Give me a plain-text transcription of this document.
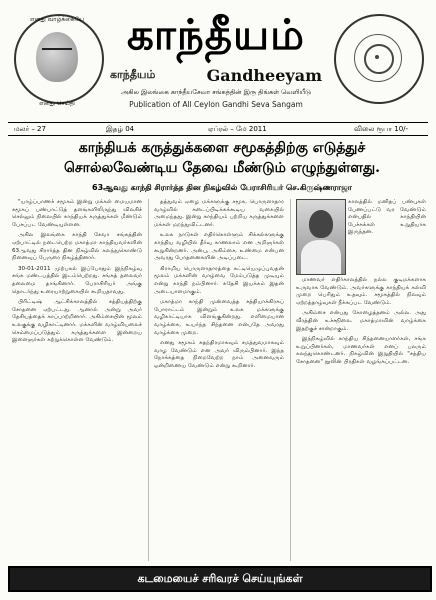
எனது வாழ்க்கையே
எனது செய்தி
காந்தீயம்
காந்தீயம்	Gandheeyam
அகில இலங்கை காந்தீயசேவா சங்கத்தின் இரு திங்கள் வெளியீடு
Publication of All Ceylon Gandhi Seva Sangam
மலர் – 27	இதழ் 04	ஏப்ரல் – மே 2011	விலை ரூபா 10/-
காந்தியக் கருத்துக்களை சமூகத்திற்கு எடுத்துச்
சொல்லவேண்டிய தேவை மீண்டும் எழுந்துள்ளது.
63ஆவது காந்தி சிரார்த்த தின நிகழ்வில் பேராசிரியர் செ.கிருஷ்ணராஜா

"யாழ்ப்பாணச் சமூகம் இன்று மக்கள் மையமான சமூகப் பண்பாட்டுத் தளங்களிலிருந்து விலகிச் செல்லும் நிலையில் காந்தியக் கருத்துக்கள் மீண்டும் பேசப்பட வேண்டியுள்ளன.

அகில இலங்கை காந்தி சேவா சங்கத்தின் ஏற்பாட்டில் நடைபெற்ற மகாத்மா காந்தியவர்களின் 63ஆவது சிரார்த்த தின நிகழ்வில் கலந்துகொண்டு நினைவுப் பேருரை நிகழ்த்தினார்.

30-01-2011 முற்பகல் இப்போதும் இந்நிகழ்வு சங்க மண்டபத்தில் இடம்பெற்றது. சங்கத் தலைவர் தலைமை தாங்கினார். பேராசிரியர் அங்கு தொடர்ந்து உரையாற்றுகையில் கூறியதாவது.

பிரிட்டிஷ் ஆட்சிக்காலத்தில் சத்தியத்திற்கு சோதனை ஏற்பட்டது. ஆனால் அன்று அவர் தேசியத்தைக் காப்பாற்றினார். அகிம்சையின் மூலம் உலகுக்கு வழிகாட்டினார். மக்களின் வாழ்வியலைச் செம்மைப்படுத்தும் கருத்துக்களை இன்றைய இளைஞர்கள் கற்றுக்கொள்ள வேண்டும்.

தத்துவம் ஏழை மக்களுக்கு சமூக, பொருளாதார வாழ்வில் கடைப்பிடிக்கக்கூடிய வகையில் அமைந்தது. இன்று காந்தியம் பற்றிய கருத்துக்களை மக்கள் மறந்துவிட்டனர்.

உலக நாடுகள் எதிர்கொள்ளும் சிக்கல்களுக்கு காந்திய வழியில் தீர்வு காணலாம் என அறிஞர்கள் கூறுகின்றனர். அன்பு, அகிம்சை, உண்மை என்பன அவரது போதனைகளின் அடிப்படை.

கிராமிய பொருளாதாரத்தை கட்டியெழுப்புவதன் மூலம் மக்களின் வாழ்வை மேம்படுத்த முடியும் என்று காந்தி நம்பினார். சுதேசி இயக்கம் இதன் அடையாளமாகும்.

மகாத்மா காந்தி முன்வைத்த சத்தியாக்கிரகப் போராட்டம் இன்றும் உலக மக்களுக்கு வழிகாட்டியாக விளங்குகின்றது. எளிமையான வாழ்க்கை, உயர்ந்த சிந்தனை என்பதே அவரது வாழ்க்கை முறை.

எனது சமூகம் சுதந்திரமாகவும் சமத்துவமாகவும் வாழ வேண்டும் என அவர் விரும்பினார். இந்த நோக்கத்தை நிறைவேற்ற நாம் அனைவரும் ஒன்றிணைய வேண்டும் என்று கூறினார்.

காலத்தில் மனிதப் பண்புகள் பேணப்பட்டு வர வேண்டும் என்பதில் காந்தியின் பேச்சுக்கள் உறுதியாக இருந்தன.

மாணவர் எதிர்காலத்தில் நல்ல குடிமக்களாக உருவாக வேண்டும். அவர்களுக்கு காந்தியக் கல்வி முறை பெரிதும் உதவும். சமூகத்தில் நிலவும் ஏற்றத்தாழ்வுகள் நீக்கப்பட வேண்டும்.

அகிம்சை என்பது கோழைத்தனம் அல்ல. அது வீரத்தின் உச்சநிலை. மகாத்மாவின் வாழ்க்கை இதற்குச் சான்றாகும்.

இந்நிகழ்வில் காந்திய சிந்தனையாளர்கள், சங்க உறுப்பினர்கள், மாணவர்கள் எனப் பலரும் கலந்துகொண்டனர். நிகழ்வின் இறுதியில் "சத்திய சோதனை" நூலின் பிரதிகள் வழங்கப்பட்டன.

கடமையைச் சரிவரச் செய்யுங்கள்
